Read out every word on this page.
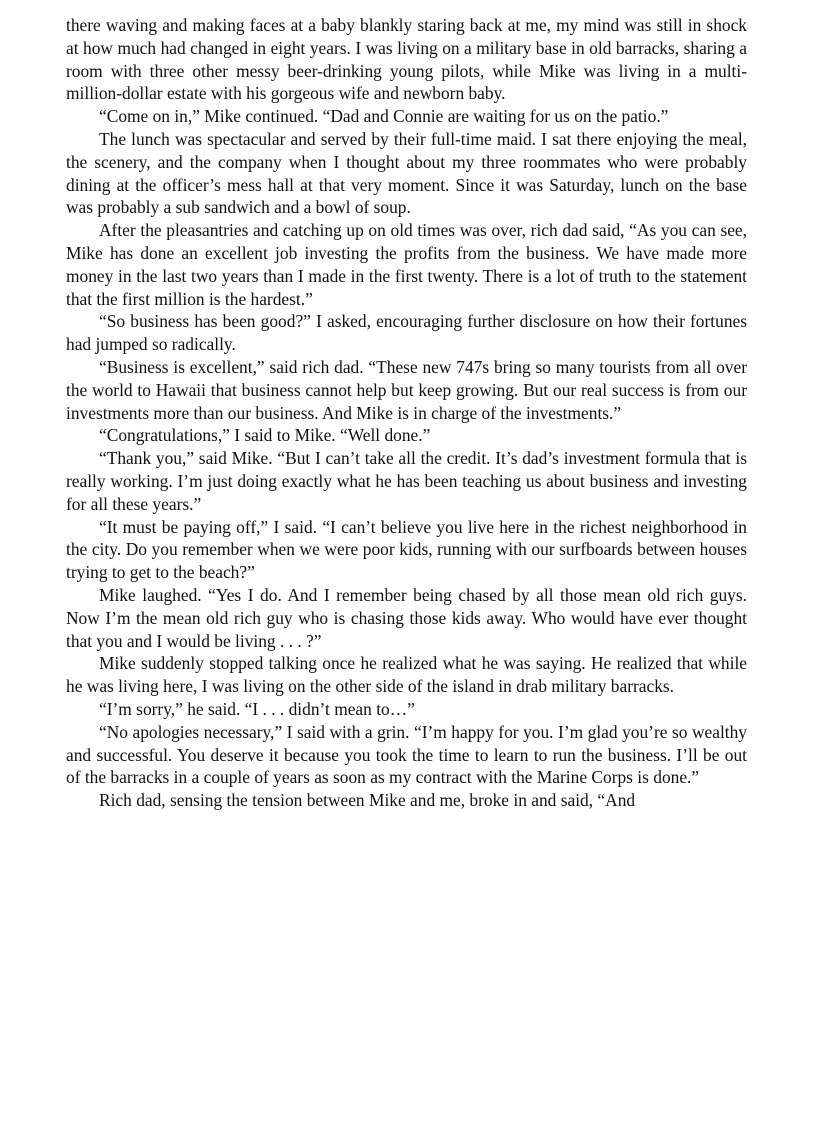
there waving and making faces at a baby blankly staring back at me, my mind was still in shock at how much had changed in eight years. I was living on a military base in old barracks, sharing a room with three other messy beer-drinking young pilots, while Mike was living in a multi-million-dollar estate with his gorgeous wife and newborn baby.

“Come on in,” Mike continued. “Dad and Connie are waiting for us on the patio.”

The lunch was spectacular and served by their full-time maid. I sat there enjoying the meal, the scenery, and the company when I thought about my three roommates who were probably dining at the officer’s mess hall at that very moment. Since it was Saturday, lunch on the base was probably a sub sandwich and a bowl of soup.

After the pleasantries and catching up on old times was over, rich dad said, “As you can see, Mike has done an excellent job investing the profits from the business. We have made more money in the last two years than I made in the first twenty. There is a lot of truth to the statement that the first million is the hardest.”

“So business has been good?” I asked, encouraging further disclosure on how their fortunes had jumped so radically.

“Business is excellent,” said rich dad. “These new 747s bring so many tourists from all over the world to Hawaii that business cannot help but keep growing. But our real success is from our investments more than our business. And Mike is in charge of the investments.”

“Congratulations,” I said to Mike. “Well done.”

“Thank you,” said Mike. “But I can’t take all the credit. It’s dad’s investment formula that is really working. I’m just doing exactly what he has been teaching us about business and investing for all these years.”

“It must be paying off,” I said. “I can’t believe you live here in the richest neighborhood in the city. Do you remember when we were poor kids, running with our surfboards between houses trying to get to the beach?”

Mike laughed. “Yes I do. And I remember being chased by all those mean old rich guys. Now I’m the mean old rich guy who is chasing those kids away. Who would have ever thought that you and I would be living . . . ?”

Mike suddenly stopped talking once he realized what he was saying. He realized that while he was living here, I was living on the other side of the island in drab military barracks.

“I’m sorry,” he said. “I . . . didn’t mean to…”

“No apologies necessary,” I said with a grin. “I’m happy for you. I’m glad you’re so wealthy and successful. You deserve it because you took the time to learn to run the business. I’ll be out of the barracks in a couple of years as soon as my contract with the Marine Corps is done.”

Rich dad, sensing the tension between Mike and me, broke in and said, “And
